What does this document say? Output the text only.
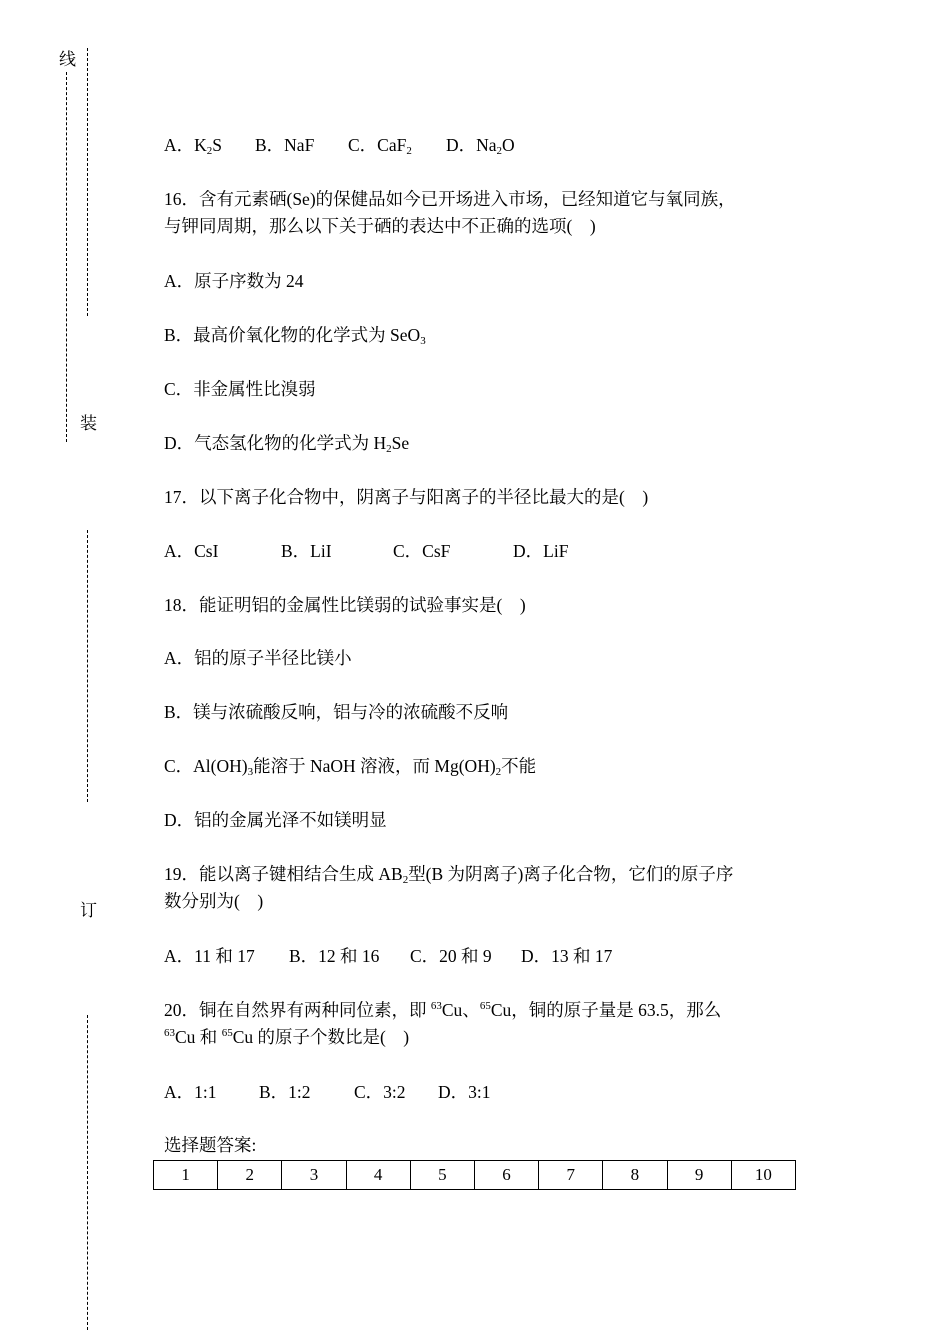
线
装
订
A．$K_2S$ B．NaF C．CaF$_2$ D．$Na_2O$
16．含有元素硒(Se)的保健品如今已开场进入市场，已经知道它与氧同族，
与钾同周期，那么以下关于硒的表达中不正确的选项(　)
A．原子序数为 24
B．最高价氧化物的化学式为 SeO$_3$
C．非金属性比溴弱
D．气态氢化物的化学式为 $H_2Se$
17．以下离子化合物中，阴离子与阳离子的半径比最大的是(　)
A．CsI	B．LiI	C．CsF	D．LiF
18．能证明铝的金属性比镁弱的试验事实是(　)
A．铝的原子半径比镁小
B．镁与浓硫酸反响，铝与冷的浓硫酸不反响
C．$Al(OH)_3$能溶于 NaOH 溶液，而 $Mg(OH)_2$不能
D．铝的金属光泽不如镁明显
19．能以离子键相结合生成 $AB_2$型(B 为阴离子)离子化合物，它们的原子序
数分别为(　)
A．11 和 17 B．12 和 16 C．20 和 9 D．13 和 17
20．铜在自然界有两种同位素，即 $^{63}$Cu、$^{65}$Cu，铜的原子量是 63.5，那么
$^{63}$Cu 和 $^{65}$Cu 的原子个数比是(　)
A．1:1 B．1:2 C．3:2 D．3:1
选择题答案:
1	2	3	4	5	6	7	8	9	10
